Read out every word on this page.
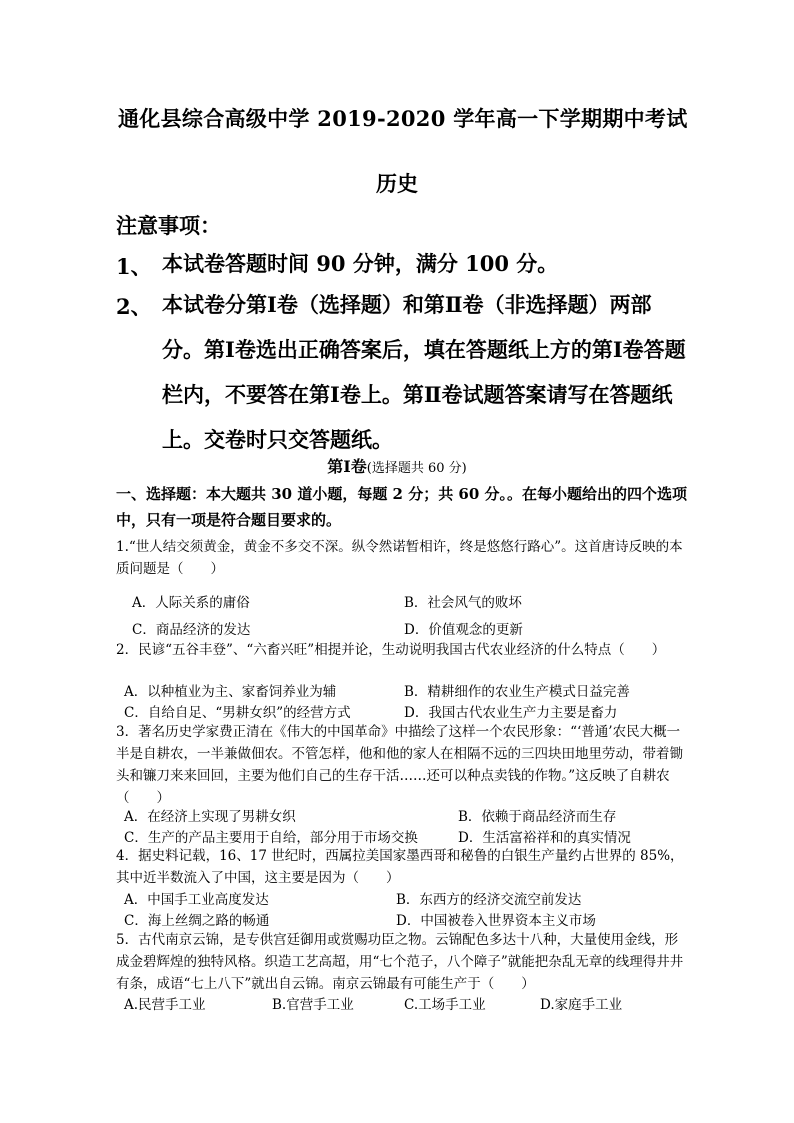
通化县综合高级中学 2019-2020 学年高一下学期期中考试
历史
注意事项：
1、 本试卷答题时间 90 分钟，满分 100 分。
2、 本试卷分第Ⅰ卷（选择题）和第Ⅱ卷（非选择题）两部分。第Ⅰ卷选出正确答案后，填在答题纸上方的第Ⅰ卷答题栏内，不要答在第Ⅰ卷上。第Ⅱ卷试题答案请写在答题纸上。交卷时只交答题纸。
第Ⅰ卷(选择题共 60 分)
一、选择题：本大题共 30 道小题，每题 2 分；共 60 分。。在每小题给出的四个选项中，只有一项是符合题目要求的。
1.“世人结交须黄金，黄金不多交不深。纵令然诺暂相许，终是悠悠行路心”。这首唐诗反映的本质问题是（　　）
A．人际关系的庸俗	B．社会风气的败坏
C．商品经济的发达	D．价值观念的更新
2．民谚“五谷丰登”、“六畜兴旺”相提并论，生动说明我国古代农业经济的什么特点（　　）
A．以种植业为主、家畜饲养业为辅	B．精耕细作的农业生产模式日益完善
C．自给自足、“男耕女织”的经营方式	D．我国古代农业生产力主要是畜力
3．著名历史学家费正清在《伟大的中国革命》中描绘了这样一个农民形象：“‘普通’农民大概一半是自耕农，一半兼做佃农。不管怎样，他和他的家人在相隔不远的三四块田地里劳动，带着锄头和镰刀来来回回，主要为他们自己的生存干活……还可以种点卖钱的作物。”这反映了自耕农（　　）
A．在经济上实现了男耕女织	B．依赖于商品经济而生存
C．生产的产品主要用于自给，部分用于市场交换	D．生活富裕祥和的真实情况
4．据史料记载，16、17 世纪时，西属拉美国家墨西哥和秘鲁的白银生产量约占世界的 85%，其中近半数流入了中国，这主要是因为（　　）
A．中国手工业高度发达	B．东西方的经济交流空前发达
C．海上丝绸之路的畅通	D．中国被卷入世界资本主义市场
5．古代南京云锦，是专供宫廷御用或赏赐功臣之物。云锦配色多达十八种，大量使用金线，形成金碧辉煌的独特风格。织造工艺高超，用“七个范子，八个障子”就能把杂乱无章的线理得井井有条，成语“七上八下”就出自云锦。南京云锦最有可能生产于（　　）
A.民营手工业	B.官营手工业	C.工场手工业	D.家庭手工业
